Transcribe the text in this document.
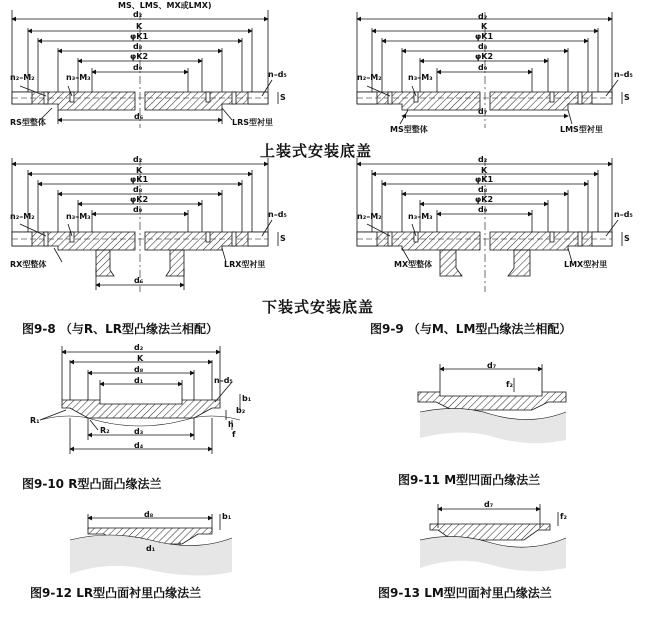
MS、LMS、MX或LMX)
d₂
K
φK1
d₈
φK2
d₉
n₂–M₂	n₃–M₃	n–d₅
S
d₆
RS型整体	LRS型衬里
d₂
K
φK1
d₈
φK2
d₉
n₂–M₂	n₃–M₃	n–d₅
S
d₇
MS型整体	LMS型衬里
上装式安装底盖
d₂
K
φK1
d₈
φK2
d₉
n₂–M₂	n₃–M₃	n–d₅
S
RX型整体	LRX型衬里
d₆
d₂
K
φK1
d₈
φK2
d₉
n₂–M₂	n₃–M₃	n–d₅
S
MX型整体	LMX型衬里
下装式安装底盖
图9-8 （与R、LR型凸缘法兰相配）	图9-9 （与M、LM型凸缘法兰相配）
d₂
K
d₈
d₁	n–d₅
b₁
b₂
h
f
R₁
R₂	d₃
d₄
图9-10 R型凸面凸缘法兰
d₇
f₂
图9-11 M型凹面凸缘法兰
d₈	b₁
d₁
图9-12 LR型凸面衬里凸缘法兰
d₇
f₂
图9-13 LM型凹面衬里凸缘法兰
